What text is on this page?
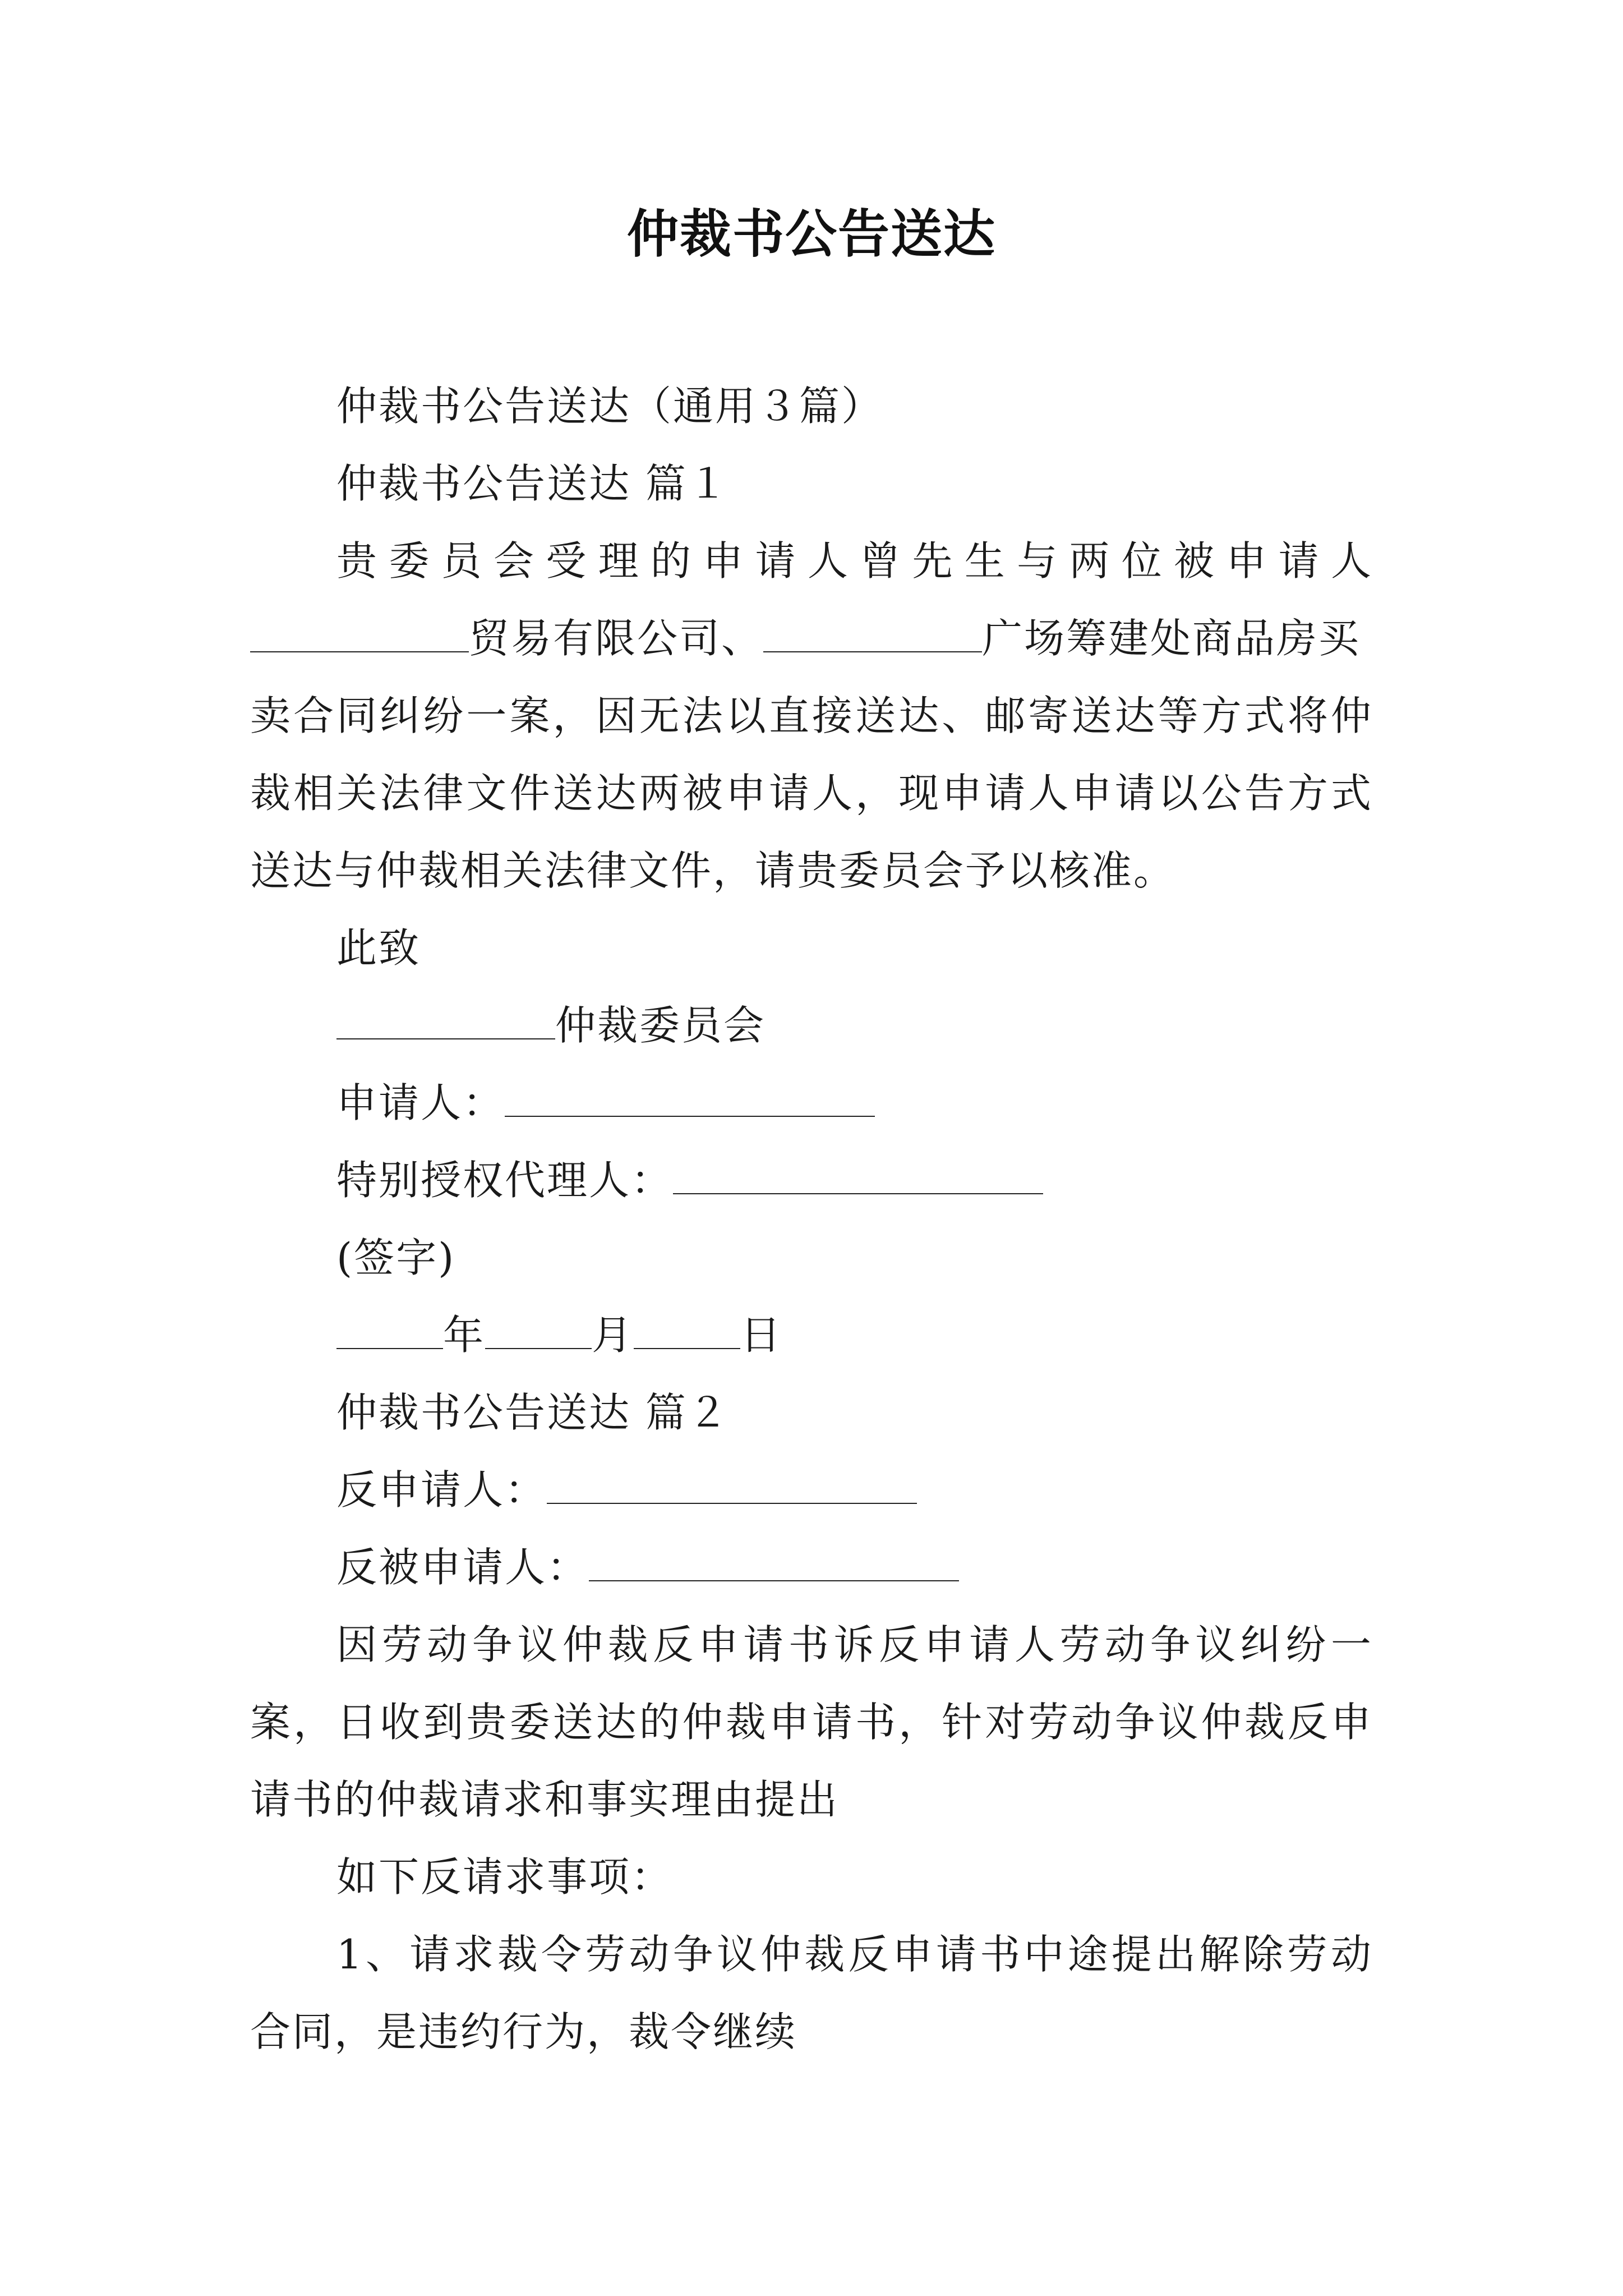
仲裁书公告送达
仲裁书公告送达（通用３篇）
仲裁书公告送达 篇１
贵委员会受理的申请人曾先生与两位被申请人
贸易有限公司、	广场筹建处商品房买
卖合同纠纷一案，因无法以直接送达、邮寄送达等方式将仲
裁相关法律文件送达两被申请人，现申请人申请以公告方式
送达与仲裁相关法律文件，请贵委员会予以核准。
此致
仲裁委员会
申请人：
特别授权代理人：
(签字)
年	月	日
仲裁书公告送达 篇２
反申请人：
反被申请人：
因劳动争议仲裁反申请书诉反申请人劳动争议纠纷一
案，日收到贵委送达的仲裁申请书，针对劳动争议仲裁反申
请书的仲裁请求和事实理由提出
如下反请求事项：
1、请求裁令劳动争议仲裁反申请书中途提出解除劳动
合同，是违约行为，裁令继续
